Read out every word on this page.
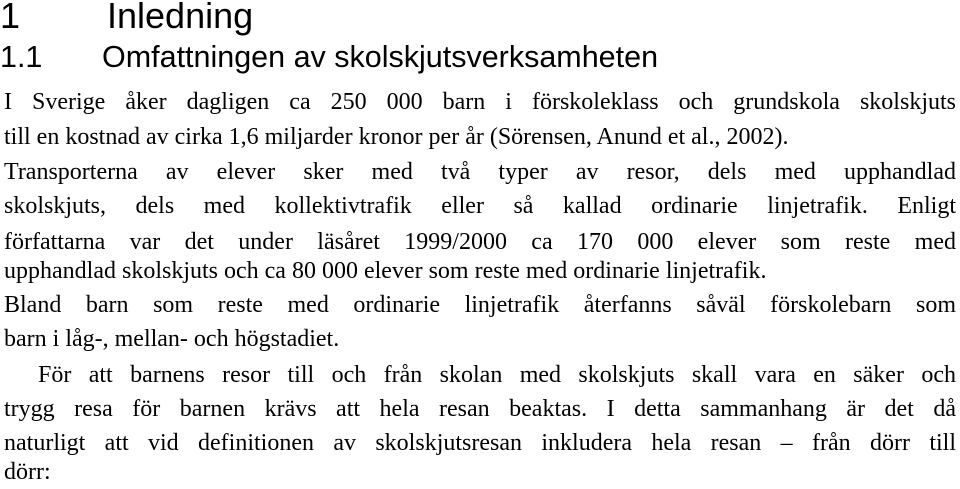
1 Inledning
1.1 Omfattningen av skolskjutsverksamheten
I Sverige åker dagligen ca 250 000 barn i förskoleklass och grundskola skolskjuts
till en kostnad av cirka 1,6 miljarder kronor per år (Sörensen, Anund et al., 2002).
Transporterna av elever sker med två typer av resor, dels med upphandlad
skolskjuts, dels med kollektivtrafik eller så kallad ordinarie linjetrafik. Enligt
författarna var det under läsåret 1999/2000 ca 170 000 elever som reste med
upphandlad skolskjuts och ca 80 000 elever som reste med ordinarie linjetrafik.
Bland barn som reste med ordinarie linjetrafik återfanns såväl förskolebarn som
barn i låg-, mellan- och högstadiet.
För att barnens resor till och från skolan med skolskjuts skall vara en säker och
trygg resa för barnen krävs att hela resan beaktas. I detta sammanhang är det då
naturligt att vid definitionen av skolskjutsresan inkludera hela resan – från dörr till
dörr:
